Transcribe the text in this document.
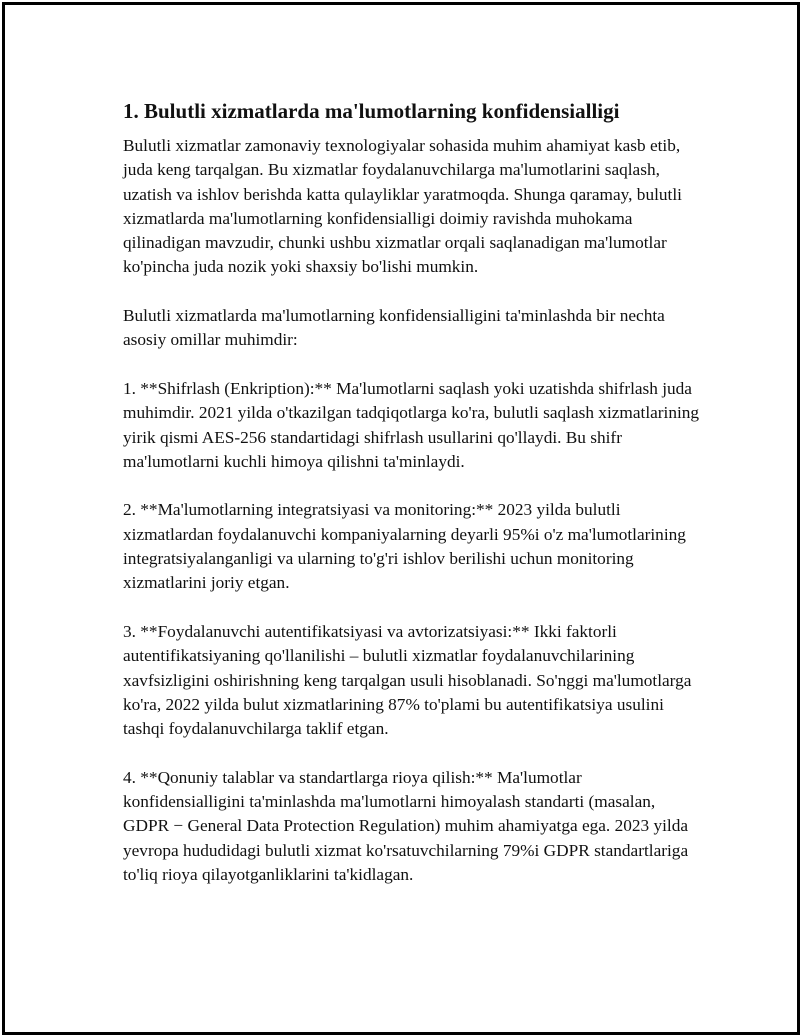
1. Bulutli xizmatlarda ma'lumotlarning konfidensialligi

Bulutli xizmatlar zamonaviy texnologiyalar sohasida muhim ahamiyat kasb etib, juda keng tarqalgan. Bu xizmatlar foydalanuvchilarga ma'lumotlarini saqlash, uzatish va ishlov berishda katta qulayliklar yaratmoqda. Shunga qaramay, bulutli xizmatlarda ma'lumotlarning konfidensialligi doimiy ravishda muhokama qilinadigan mavzudir, chunki ushbu xizmatlar orqali saqlanadigan ma'lumotlar ko'pincha juda nozik yoki shaxsiy bo'lishi mumkin.

Bulutli xizmatlarda ma'lumotlarning konfidensialligini ta'minlashda bir nechta asosiy omillar muhimdir:

1. **Shifrlash (Enkription):** Ma'lumotlarni saqlash yoki uzatishda shifrlash juda muhimdir. 2021 yilda o'tkazilgan tadqiqotlarga ko'ra, bulutli saqlash xizmatlarining yirik qismi AES-256 standartidagi shifrlash usullarini qo'llaydi. Bu shifr ma'lumotlarni kuchli himoya qilishni ta'minlaydi.

2. **Ma'lumotlarning integratsiyasi va monitoring:** 2023 yilda bulutli xizmatlardan foydalanuvchi kompaniyalarning deyarli 95%i o'z ma'lumotlarining integratsiyalanganligi va ularning to'g'ri ishlov berilishi uchun monitoring xizmatlarini joriy etgan.

3. **Foydalanuvchi autentifikatsiyasi va avtorizatsiyasi:** Ikki faktorli autentifikatsiyaning qo'llanilishi – bulutli xizmatlar foydalanuvchilarining xavfsizligini oshirishning keng tarqalgan usuli hisoblanadi. So'nggi ma'lumotlarga ko'ra, 2022 yilda bulut xizmatlarining 87% to'plami bu autentifikatsiya usulini tashqi foydalanuvchilarga taklif etgan.

4. **Qonuniy talablar va standartlarga rioya qilish:** Ma'lumotlar konfidensialligini ta'minlashda ma'lumotlarni himoyalash standarti (masalan, GDPR − General Data Protection Regulation) muhim ahamiyatga ega. 2023 yilda yevropa hududidagi bulutli xizmat ko'rsatuvchilarning 79%i GDPR standartlariga to'liq rioya qilayotganliklarini ta'kidlagan.
